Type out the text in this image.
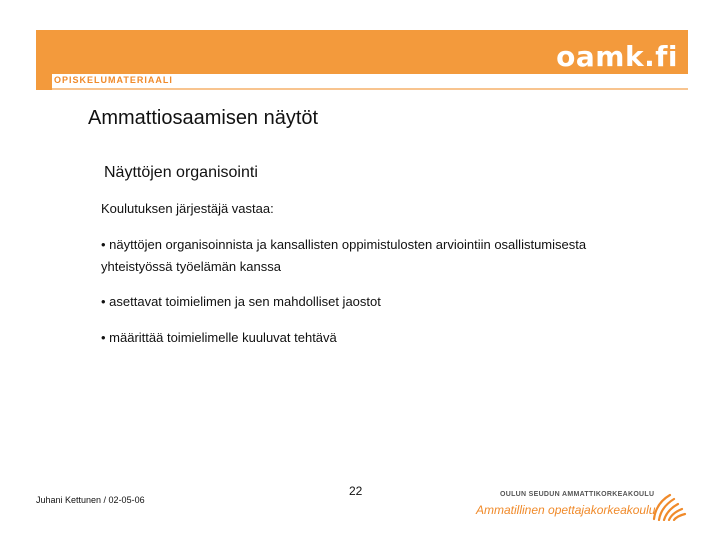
oamk.fi
OPISKELUMATERIAALI
Ammattiosaamisen näytöt
Näyttöjen organisointi
Koulutuksen järjestäjä vastaa:
• näyttöjen organisoinnista ja kansallisten oppimistulosten arviointiin osallistumisesta yhteistyössä työelämän kanssa
• asettavat toimielimen ja sen mahdolliset jaostot
• määrittää toimielimelle kuuluvat tehtävä
Juhani Kettunen / 02-05-06
22	OULUN SEUDUN AMMATTIKORKEAKOULU
Ammatillinen opettajakorkeakoulu
